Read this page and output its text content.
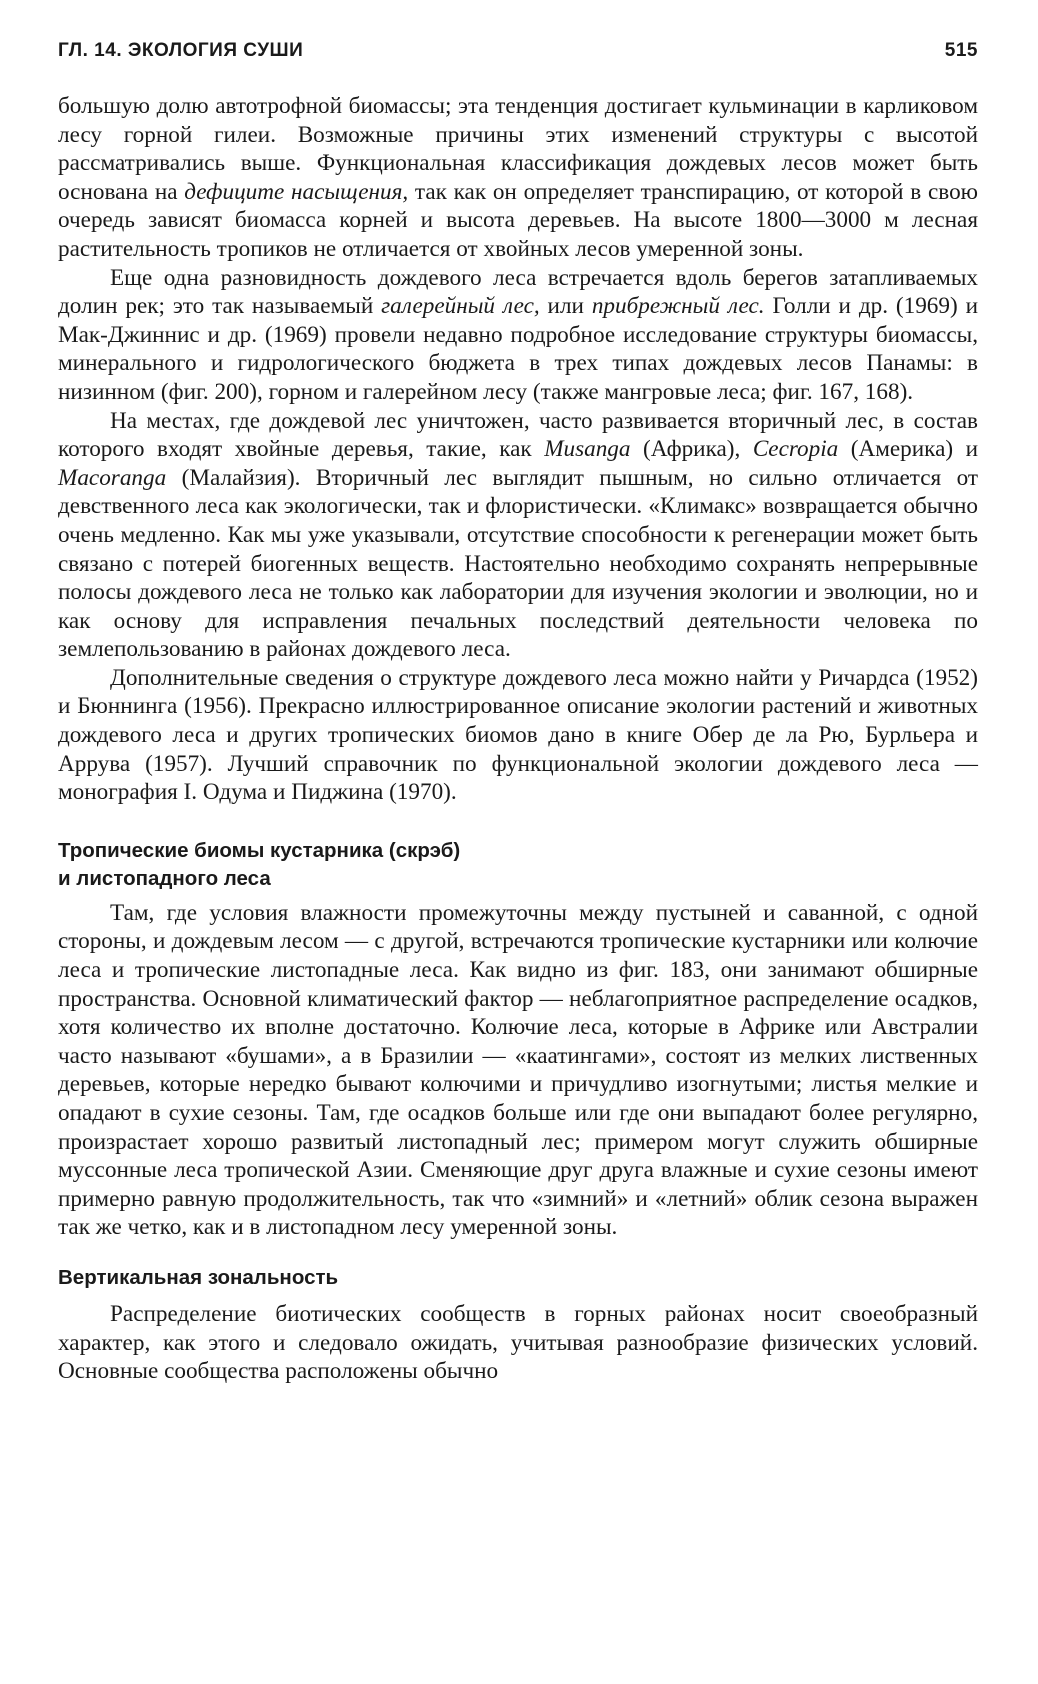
ГЛ. 14. ЭКОЛОГИЯ СУШИ	515

большую долю автотрофной биомассы; эта тенденция достигает кульминации в карликовом лесу горной гилеи. Возможные причины этих изменений структуры с высотой рассматривались выше. Функциональная классификация дождевых лесов может быть основана на дефиците насыщения, так как он определяет транспирацию, от которой в свою очередь зависят биомасса корней и высота деревьев. На высоте 1800—3000 м лесная растительность тропиков не отличается от хвойных лесов умеренной зоны.

Еще одна разновидность дождевого леса встречается вдоль берегов затапливаемых долин рек; это так называемый галерейный лес, или прибрежный лес. Голли и др. (1969) и Мак-Джиннис и др. (1969) провели недавно подробное исследование структуры биомассы, минерального и гидрологического бюджета в трех типах дождевых лесов Панамы: в низинном (фиг. 200), горном и галерейном лесу (также мангровые леса; фиг. 167, 168).

На местах, где дождевой лес уничтожен, часто развивается вторичный лес, в состав которого входят хвойные деревья, такие, как Musanga (Африка), Cecropia (Америка) и Macoranga (Малайзия). Вторичный лес выглядит пышным, но сильно отличается от девственного леса как экологически, так и флористически. «Климакс» возвращается обычно очень медленно. Как мы уже указывали, отсутствие способности к регенерации может быть связано с потерей биогенных веществ. Настоятельно необходимо сохранять непрерывные полосы дождевого леса не только как лаборатории для изучения экологии и эволюции, но и как основу для исправления печальных последствий деятельности человека по землепользованию в районах дождевого леса.

Дополнительные сведения о структуре дождевого леса можно найти у Ричардса (1952) и Бюннинга (1956). Прекрасно иллюстрированное описание экологии растений и животных дождевого леса и других тропических биомов дано в книге Обер де ла Рю, Бурльера и Аррува (1957). Лучший справочник по функциональной экологии дождевого леса — монография I. Одума и Пиджина (1970).

Тропические биомы кустарника (скрэб)
и листопадного леса

Там, где условия влажности промежуточны между пустыней и саванной, с одной стороны, и дождевым лесом — с другой, встречаются тропические кустарники или колючие леса и тропические листопадные леса. Как видно из фиг. 183, они занимают обширные пространства. Основной климатический фактор — неблагоприятное распределение осадков, хотя количество их вполне достаточно. Колючие леса, которые в Африке или Австралии часто называют «бушами», а в Бразилии — «каатингами», состоят из мелких лиственных деревьев, которые нередко бывают колючими и причудливо изогнутыми; листья мелкие и опадают в сухие сезоны. Там, где осадков больше или где они выпадают более регулярно, произрастает хорошо развитый листопадный лес; примером могут служить обширные муссонные леса тропической Азии. Сменяющие друг друга влажные и сухие сезоны имеют примерно равную продолжительность, так что «зимний» и «летний» облик сезона выражен так же четко, как и в листопадном лесу умеренной зоны.

Вертикальная зональность

Распределение биотических сообществ в горных районах носит своеобразный характер, как этого и следовало ожидать, учитывая разнообразие физических условий. Основные сообщества расположены обычно
